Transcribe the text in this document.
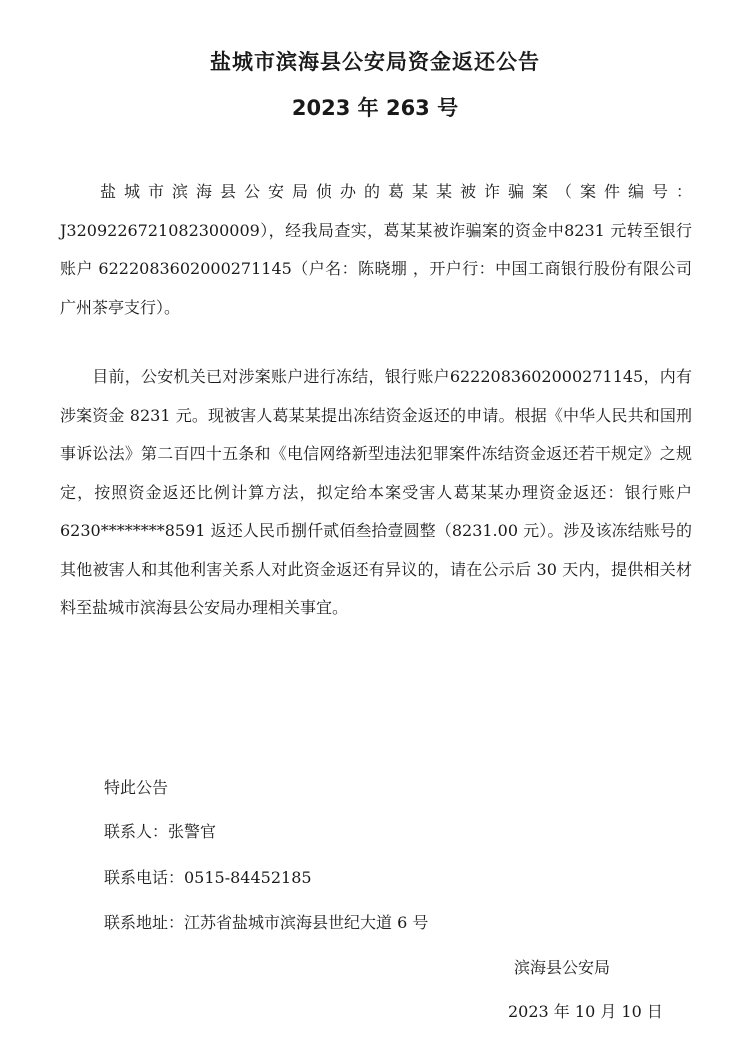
盐城市滨海县公安局资金返还公告
2023 年 263 号

盐城市滨海县公安局侦办的葛某某被诈骗案（案件编号：J3209226721082300009），经我局查实，葛某某被诈骗案的资金中8231 元转至银行账户 6222083602000271145（户名：陈晓堋 ，开户行：中国工商银行股份有限公司广州茶亭支行）。

目前，公安机关已对涉案账户进行冻结，银行账户6222083602000271145，内有涉案资金 8231 元。现被害人葛某某提出冻结资金返还的申请。根据《中华人民共和国刑事诉讼法》第二百四十五条和《电信网络新型违法犯罪案件冻结资金返还若干规定》之规定，按照资金返还比例计算方法，拟定给本案受害人葛某某办理资金返还：银行账户 6230********8591 返还人民币捌仟贰佰叁拾壹圆整（8231.00 元）。涉及该冻结账号的其他被害人和其他利害关系人对此资金返还有异议的，请在公示后 30 天内，提供相关材料至盐城市滨海县公安局办理相关事宜。

特此公告

联系人：张警官

联系电话：0515-84452185

联系地址：江苏省盐城市滨海县世纪大道 6 号

滨海县公安局

2023 年 10 月 10 日
